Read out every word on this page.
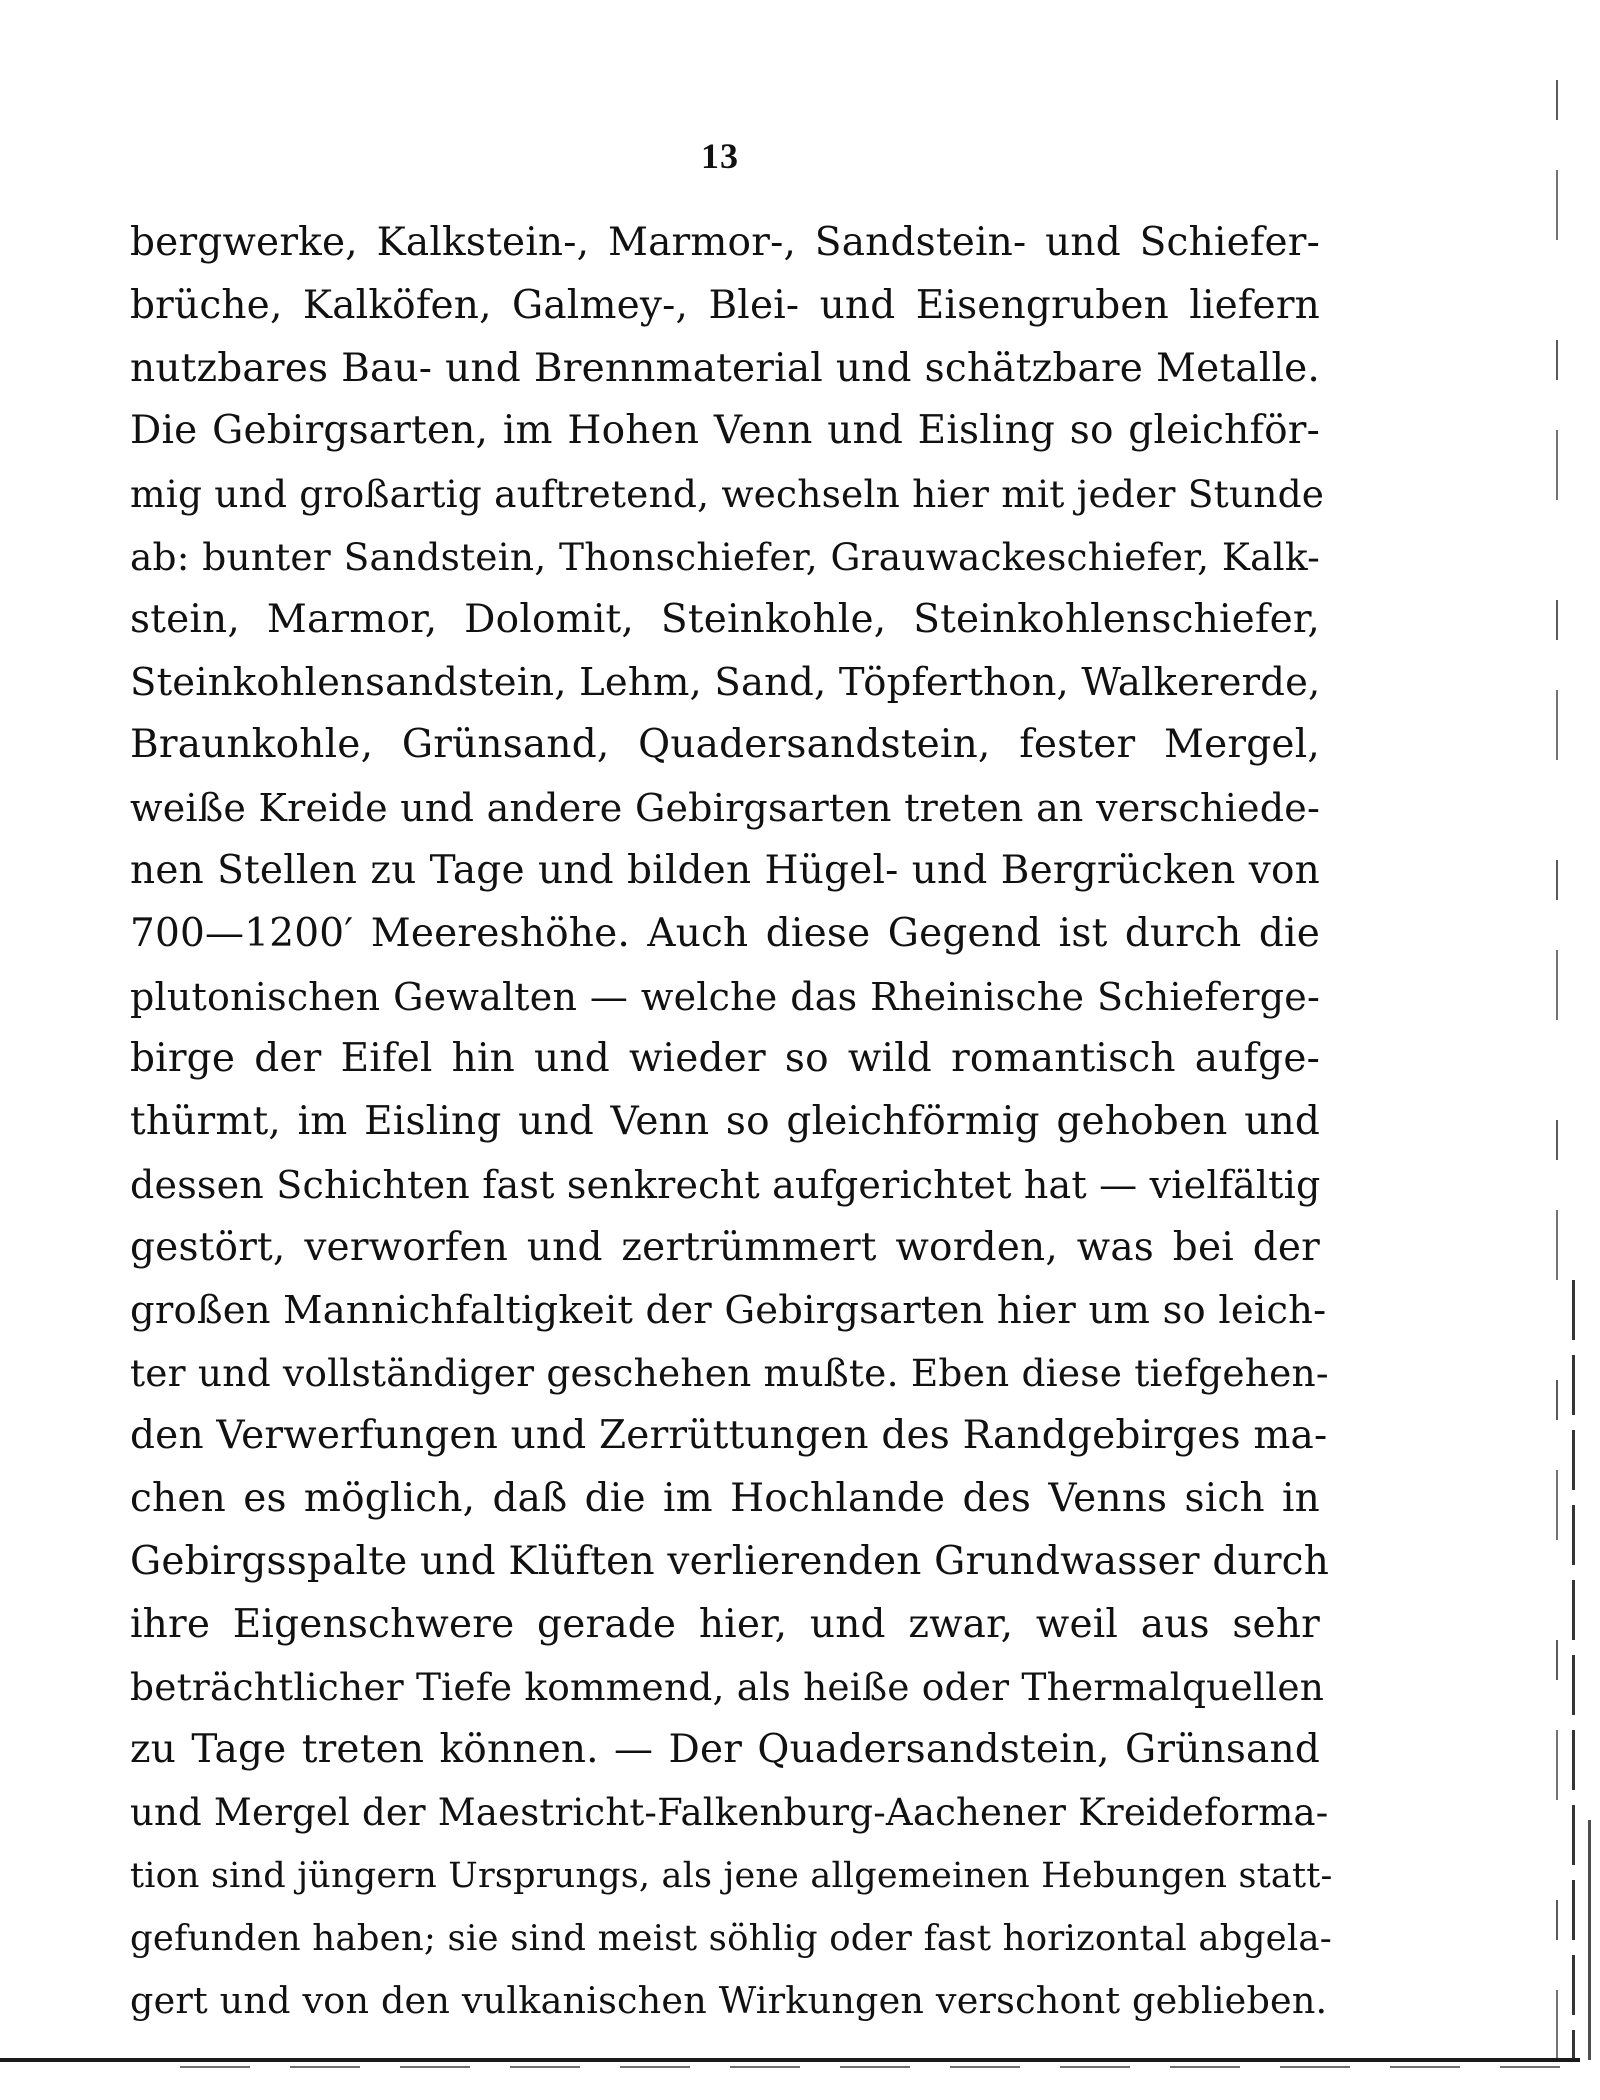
13
bergwerke, Kalkstein-, Marmor-, Sandstein- und Schiefer-
brüche, Kalköfen, Galmey-, Blei- und Eisengruben liefern
nutzbares Bau- und Brennmaterial und schätzbare Metalle.
Die Gebirgsarten, im Hohen Venn und Eisling so gleichför-
mig und großartig auftretend, wechseln hier mit jeder Stunde
ab: bunter Sandstein, Thonschiefer, Grauwackeschiefer, Kalk-
stein, Marmor, Dolomit, Steinkohle, Steinkohlenschiefer,
Steinkohlensandstein, Lehm, Sand, Töpferthon, Walkererde,
Braunkohle, Grünsand, Quadersandstein, fester Mergel,
weiße Kreide und andere Gebirgsarten treten an verschiede-
nen Stellen zu Tage und bilden Hügel- und Bergrücken von
700—1200′ Meereshöhe. Auch diese Gegend ist durch die
plutonischen Gewalten — welche das Rheinische Schieferge-
birge der Eifel hin und wieder so wild romantisch aufge-
thürmt, im Eisling und Venn so gleichförmig gehoben und
dessen Schichten fast senkrecht aufgerichtet hat — vielfältig
gestört, verworfen und zertrümmert worden, was bei der
großen Mannichfaltigkeit der Gebirgsarten hier um so leich-
ter und vollständiger geschehen mußte. Eben diese tiefgehen-
den Verwerfungen und Zerrüttungen des Randgebirges ma-
chen es möglich, daß die im Hochlande des Venns sich in
Gebirgsspalte und Klüften verlierenden Grundwasser durch
ihre Eigenschwere gerade hier, und zwar, weil aus sehr
beträchtlicher Tiefe kommend, als heiße oder Thermalquellen
zu Tage treten können. — Der Quadersandstein, Grünsand
und Mergel der Maestricht-Falkenburg-Aachener Kreideforma-
tion sind jüngern Ursprungs, als jene allgemeinen Hebungen statt-
gefunden haben; sie sind meist söhlig oder fast horizontal abgela-
gert und von den vulkanischen Wirkungen verschont geblieben.
